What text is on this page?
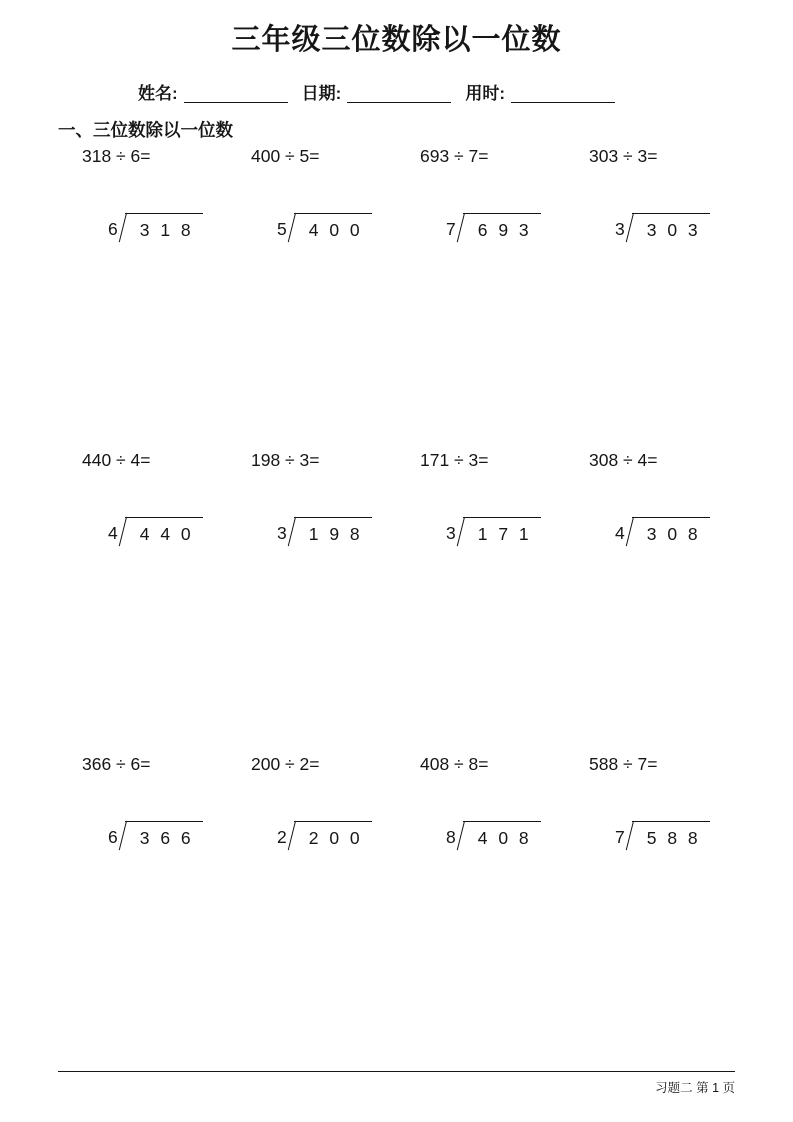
三年级三位数除以一位数
姓名:	日期:	用时:
一、三位数除以一位数
318 ÷ 6=	400 ÷ 5=	693 ÷ 7=	303 ÷ 3=
6	3 1 8	5	4 0 0	7	6 9 3	3	3 0 3
440 ÷ 4=	198 ÷ 3=	171 ÷ 3=	308 ÷ 4=
4	4 4 0	3	1 9 8	3	1 7 1	4	3 0 8
366 ÷ 6=	200 ÷ 2=	408 ÷ 8=	588 ÷ 7=
6	3 6 6	2	2 0 0	8	4 0 8	7	5 8 8
习题二 第 1 页
